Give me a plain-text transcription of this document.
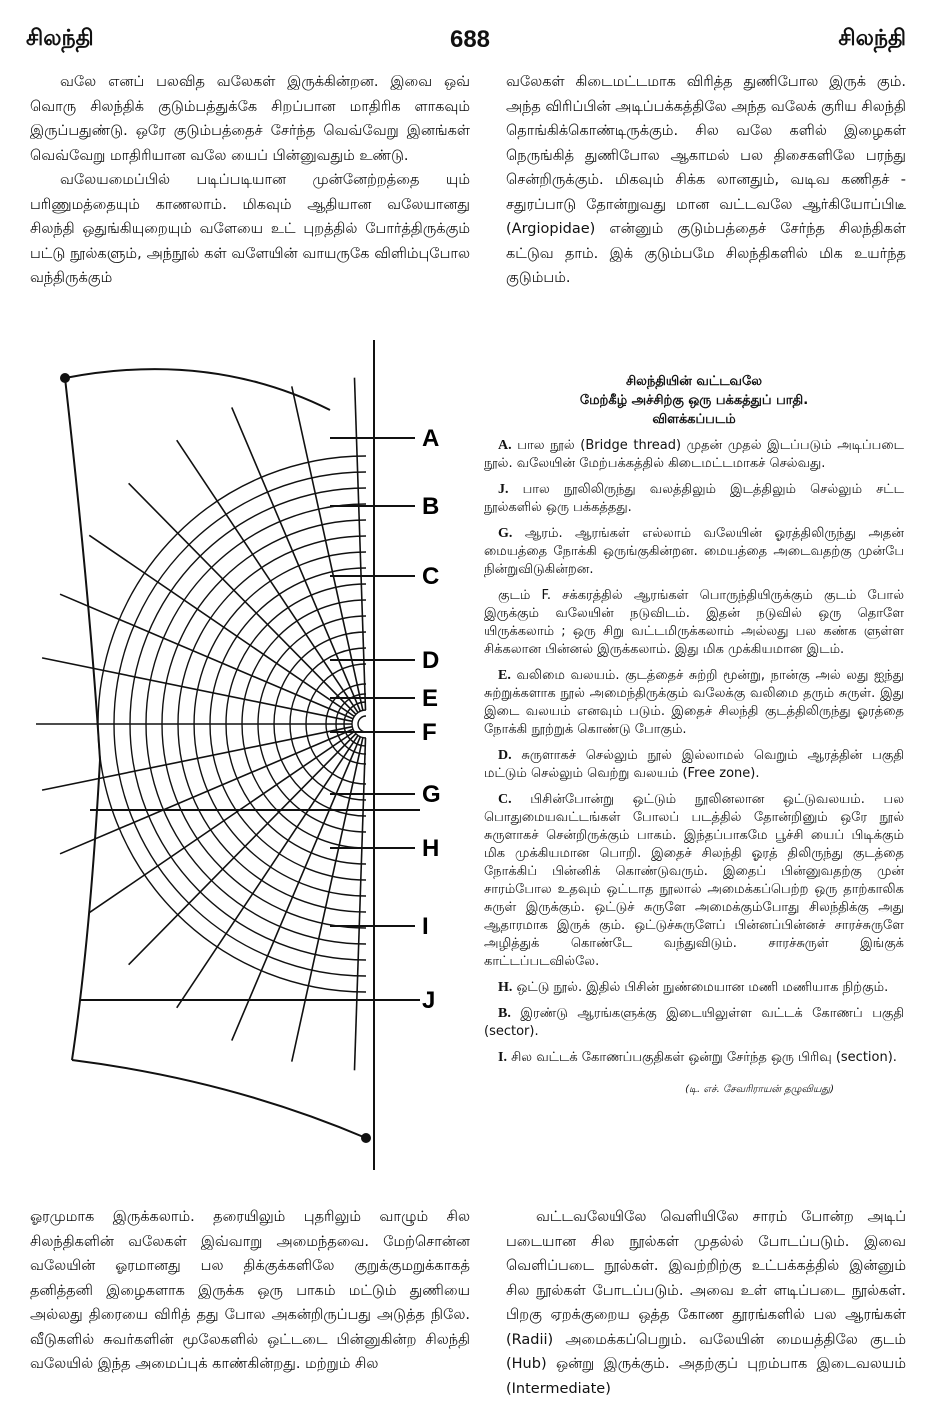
சிலந்தி	688	சிலந்தி

வலே எனப் பலவித வலேகள் இருக்கின்றன. இவை ஒவ் வொரு சிலந்திக் குடும்பத்துக்கே சிறப்பான மாதிரிக ளாகவும் இருப்பதுண்டு. ஒரே குடும்பத்தைச் சேர்ந்த வெவ்வேறு இனங்கள் வெவ்வேறு மாதிரியான வலே யைப் பின்னுவதும் உண்டு.

வலேயமைப்பில் படிப்படியான முன்னேற்றத்தை யும் பரிணுமத்தையும் காணலாம். மிகவும் ஆதியான வலேயானது சிலந்தி ஒதுங்கியுறையும் வளேயை உட் புறத்தில் போர்த்திருக்கும் பட்டு நூல்களும், அந்நூல் கள் வளேயின் வாயருகே விளிம்புபோல வந்திருக்கும்

வலேகள் கிடைமட்டமாக விரித்த துணிபோல இருக் கும். அந்த விரிப்பின் அடிப்பக்கத்திலே அந்த வலேக் குரிய சிலந்தி தொங்கிக்கொண்டிருக்கும். சில வலே களில் இழைகள் நெருங்கித் துணிபோல ஆகாமல் பல திசைகளிலே பரந்து சென்றிருக்கும். மிகவும் சிக்க லானதும், வடிவ கணிதச் - சதுரப்பாடு தோன்றுவது மான வட்டவலே ஆர்கியோப்பிடீ (Argiopidae) என்னும் குடும்பத்தைச் சேர்ந்த சிலந்திகள் கட்டுவ தாம். இக் குடும்பமே சிலந்திகளில் மிக உயர்ந்த குடும்பம்.

A
B
C
D
E
F
G
H
I
J
சிலந்தியின் வட்டவலே
மேற்கீழ் அச்சிற்கு ஒரு பக்கத்துப் பாதி.
விளக்கப்படம்

A. பால நூல் (Bridge thread) முதன் முதல் இடப்படும் அடிப்படை நூல். வலேயின் மேற்பக்கத்தில் கிடைமட்டமாகச் செல்வது.

J. பால நூலிலிருந்து வலத்திலும் இடத்திலும் செல்லும் சட்ட நூல்களில் ஒரு பக்கத்தது.

G. ஆரம். ஆரங்கள் எல்லாம் வலேயின் ஓரத்திலிருந்து அதன் மையத்தை நோக்கி ஒருங்குகின்றன. மையத்தை அடைவதற்கு முன்பே நின்றுவிடுகின்றன.

குடம் F. சக்கரத்தில் ஆரங்கள் பொருந்தியிருக்கும் குடம் போல் இருக்கும் வலேயின் நடுவிடம். இதன் நடுவில் ஒரு தொளே யிருக்கலாம் ; ஒரு சிறு வட்டமிருக்கலாம் அல்லது பல கண்க ளுள்ள சிக்கலான பின்னல் இருக்கலாம். இது மிக முக்கியமான இடம்.

E. வலிமை வலயம். குடத்தைச் சுற்றி மூன்று, நான்கு அல் லது ஐந்து சுற்றுக்களாக நூல் அமைந்திருக்கும் வலேக்கு வலிமை தரும் சுருள். இது இடை வலயம் எனவும் படும். இதைச் சிலந்தி குடத்திலிருந்து ஓரத்தை நோக்கி நூற்றுக் கொண்டு போகும்.

D. சுருளாகச் செல்லும் நூல் இல்லாமல் வெறும் ஆரத்தின் பகுதி மட்டும் செல்லும் வெற்று வலயம் (Free zone).

C. பிசின்போன்று ஒட்டும் நூலினலான ஒட்டுவலயம். பல பொதுமையவட்டங்கள் போலப் படத்தில் தோன்றினும் ஒரே நூல் சுருளாகச் சென்றிருக்கும் பாகம். இந்தப்பாகமே பூச்சி யைப் பிடிக்கும் மிக முக்கியமான பொறி. இதைச் சிலந்தி ஓரத் திலிருந்து குடத்தை நோக்கிப் பின்னிக் கொண்டுவரும். இதைப் பின்னுவதற்கு முன் சாரம்போல உதவும் ஒட்டாத நூலால் அமைக்கப்பெற்ற ஒரு தாற்காலிக சுருள் இருக்கும். ஒட்டுச் சுருளே அமைக்கும்போது சிலந்திக்கு அது ஆதாரமாக இருக் கும். ஒட்டுச்சுருளேப் பின்னப்பின்னச் சாரச்சுருளே அழித்துக் கொண்டே வந்துவிடும். சாரச்சுருள் இங்குக் காட்டப்படவில்லே.

H. ஒட்டு நூல். இதில் பிசின் நுண்மையான மணி மணியாக நிற்கும்.

B. இரண்டு ஆரங்களுக்கு இடையிலுள்ள வட்டக் கோணப் பகுதி (sector).

I. சில வட்டக் கோணப்பகுதிகள் ஒன்று சேர்ந்த ஒரு பிரிவு (section).

(டி. எச். சேவரிராயன் தழுவியது)

ஓரமுமாக இருக்கலாம். தரையிலும் புதரிலும் வாழும் சில சிலந்திகளின் வலேகள் இவ்வாறு அமைந்தவை. மேற்சொன்ன வலேயின் ஓரமானது பல திக்குக்களிலே குறுக்குமறுக்காகத் தனித்தனி இழைகளாக இருக்க ஒரு பாகம் மட்டும் துணியை அல்லது திரையை விரித் தது போல அகன்றிருப்பது அடுத்த நிலே. வீடுகளில் சுவர்களின் மூலேகளில் ஒட்டடை பின்னுகின்ற சிலந்தி வலேயில் இந்த அமைப்புக் காண்கின்றது. மற்றும் சில

வட்டவலேயிலே வெளியிலே சாரம் போன்ற அடிப் படையான சில நூல்கள் முதல்ல் போடப்படும். இவை வெளிப்படை நூல்கள். இவற்றிற்கு உட்பக்கத்தில் இன்னும் சில நூல்கள் போடப்படும். அவை உள் ளடிப்படை நூல்கள். பிறகு ஏறக்குறைய ஒத்த கோண தூரங்களில் பல ஆரங்கள் (Radii) அமைக்கப்பெறும். வலேயின் மையத்திலே குடம் (Hub) ஒன்று இருக்கும். அதற்குப் புறம்பாக இடைவலயம் (Intermediate)
